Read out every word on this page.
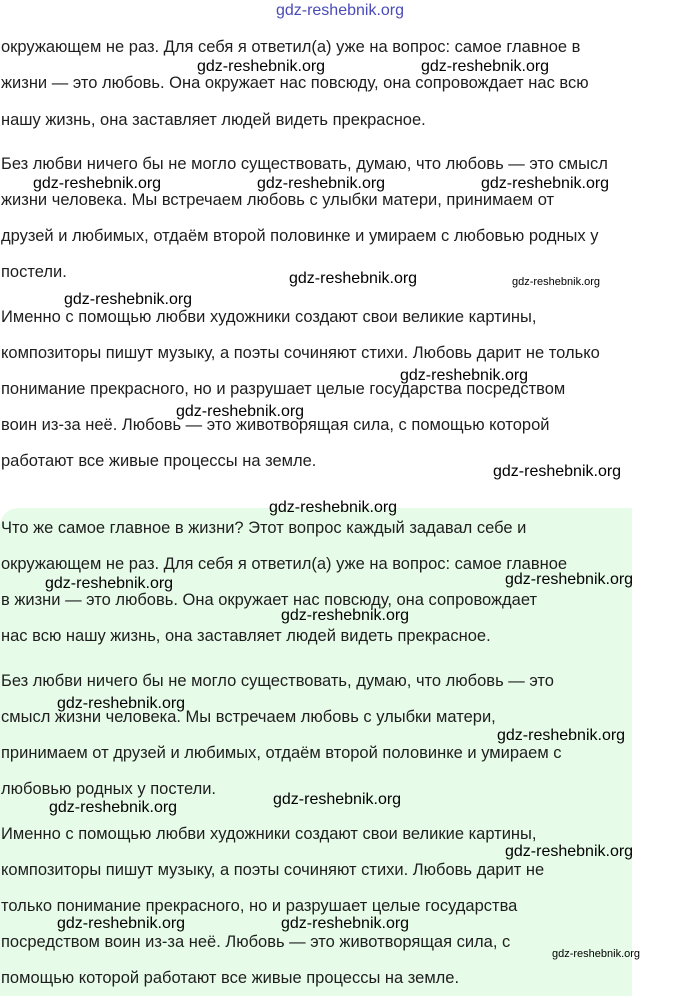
gdz-reshebnik.org
окружающем не раз. Для себя я ответил(а) уже на вопрос: самое главное в
жизни — это любовь. Она окружает нас повсюду, она сопровождает нас всю
нашу жизнь, она заставляет людей видеть прекрасное.
Без любви ничего бы не могло существовать, думаю, что любовь — это смысл
жизни человека. Мы встречаем любовь с улыбки матери, принимаем от
друзей и любимых, отдаём второй половинке и умираем с любовью родных у
постели.
Именно с помощью любви художники создают свои великие картины,
композиторы пишут музыку, а поэты сочиняют стихи. Любовь дарит не только
понимание прекрасного, но и разрушает целые государства посредством
воин из-за неё. Любовь — это животворящая сила, с помощью которой
работают все живые процессы на земле.
Что же самое главное в жизни? Этот вопрос каждый задавал себе и
окружающем не раз. Для себя я ответил(а) уже на вопрос: самое главное
в жизни — это любовь. Она окружает нас повсюду, она сопровождает
нас всю нашу жизнь, она заставляет людей видеть прекрасное.
Без любви ничего бы не могло существовать, думаю, что любовь — это
смысл жизни человека. Мы встречаем любовь с улыбки матери,
принимаем от друзей и любимых, отдаём второй половинке и умираем с
любовью родных у постели.
Именно с помощью любви художники создают свои великие картины,
композиторы пишут музыку, а поэты сочиняют стихи. Любовь дарит не
только понимание прекрасного, но и разрушает целые государства
посредством воин из-за неё. Любовь — это животворящая сила, с
помощью которой работают все живые процессы на земле.
gdz-reshebnik.org	gdz-reshebnik.org
gdz-reshebnik.org	gdz-reshebnik.org	gdz-reshebnik.org
gdz-reshebnik.org	gdz-reshebnik.org
gdz-reshebnik.org
gdz-reshebnik.org
gdz-reshebnik.org
gdz-reshebnik.org
gdz-reshebnik.org
gdz-reshebnik.org	gdz-reshebnik.org
gdz-reshebnik.org
gdz-reshebnik.org
gdz-reshebnik.org
gdz-reshebnik.org
gdz-reshebnik.org
gdz-reshebnik.org
gdz-reshebnik.org	gdz-reshebnik.org
gdz-reshebnik.org
